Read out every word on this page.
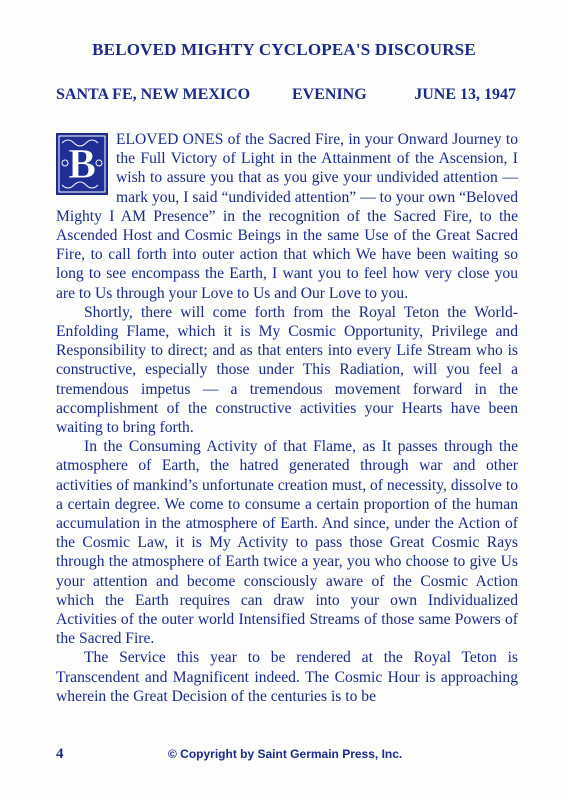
BELOVED MIGHTY CYCLOPEA'S DISCOURSE
SANTA FE, NEW MEXICO	EVENING	JUNE 13, 1947

B
ELOVED ONES of the Sacred Fire, in your Onward Journey to the Full Victory of Light in the Attainment of the Ascension, I wish to assure you that as you give your undivided attention — mark you, I said “undivided attention” — to your own “Beloved Mighty I AM Presence” in the recognition of the Sacred Fire, to the Ascended Host and Cosmic Beings in the same Use of the Great Sacred Fire, to call forth into outer action that which We have been waiting so long to see encompass the Earth, I want you to feel how very close you are to Us through your Love to Us and Our Love to you.

Shortly, there will come forth from the Royal Teton the World-Enfolding Flame, which it is My Cosmic Opportunity, Privilege and Responsibility to direct; and as that enters into every Life Stream who is constructive, especially those under This Radiation, will you feel a tremendous impetus — a tremendous movement forward in the accomplishment of the constructive activities your Hearts have been waiting to bring forth.

In the Consuming Activity of that Flame, as It passes through the atmosphere of Earth, the hatred generated through war and other activities of mankind’s unfortunate creation must, of necessity, dissolve to a certain degree. We come to consume a certain proportion of the human accumulation in the atmosphere of Earth. And since, under the Action of the Cosmic Law, it is My Activity to pass those Great Cosmic Rays through the atmosphere of Earth twice a year, you who choose to give Us your attention and become consciously aware of the Cosmic Action which the Earth requires can draw into your own Individualized Activities of the outer world Intensified Streams of those same Powers of the Sacred Fire.

The Service this year to be rendered at the Royal Teton is Transcendent and Magnificent indeed. The Cosmic Hour is approaching wherein the Great Decision of the centuries is to be

4	© Copyright by Saint Germain Press, Inc.
